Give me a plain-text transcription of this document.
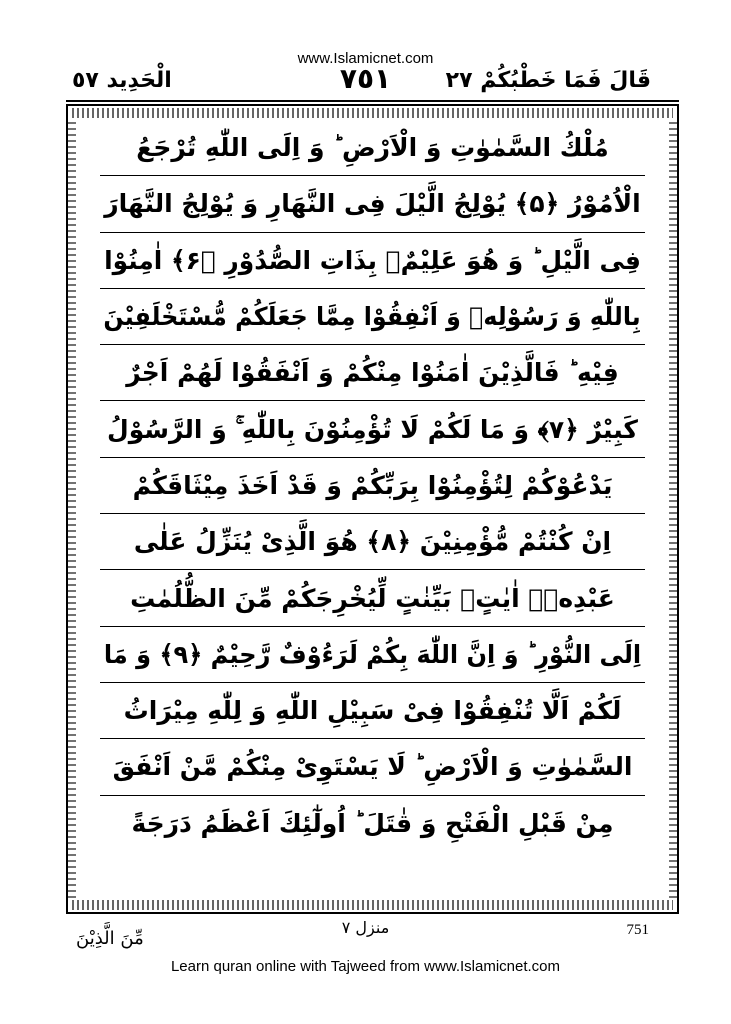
www.Islamicnet.com
قَالَ فَمَا خَطْبُكُمْ ٢٧
٧٥١
الْحَدِيد ٥٧
مُلْكُ السَّمٰوٰتِ وَ الْاَرْضِ ؕ وَ اِلَى اللّٰهِ تُرْجَعُ
الْاُمُوْرُ ﴿۵﴾ يُوْلِجُ الَّيْلَ فِى النَّهَارِ وَ يُوْلِجُ النَّهَارَ
فِى الَّيْلِ ؕ وَ هُوَ عَلِيْمٌۢ بِذَاتِ الصُّدُوْرِ ﴿۶﴾ اٰمِنُوْا
بِاللّٰهِ وَ رَسُوْلِهٖ وَ اَنْفِقُوْا مِمَّا جَعَلَكُمْ مُّسْتَخْلَفِيْنَ
فِيْهِ ؕ فَالَّذِيْنَ اٰمَنُوْا مِنْكُمْ وَ اَنْفَقُوْا لَهُمْ اَجْرٌ
كَبِيْرٌ ﴿۷﴾ وَ مَا لَكُمْ لَا تُؤْمِنُوْنَ بِاللّٰهِ ۚ وَ الرَّسُوْلُ
يَدْعُوْكُمْ لِتُؤْمِنُوْا بِرَبِّكُمْ وَ قَدْ اَخَذَ مِيْثَاقَكُمْ
اِنْ كُنْتُمْ مُّؤْمِنِيْنَ ﴿۸﴾ هُوَ الَّذِىْ يُنَزِّلُ عَلٰى
عَبْدِهٖۤ اٰيٰتٍۭ بَيِّنٰتٍ لِّيُخْرِجَكُمْ مِّنَ الظُّلُمٰتِ
اِلَى النُّوْرِ ؕ وَ اِنَّ اللّٰهَ بِكُمْ لَرَءُوْفٌ رَّحِيْمٌ ﴿۹﴾ وَ مَا
لَكُمْ اَلَّا تُنْفِقُوْا فِىْ سَبِيْلِ اللّٰهِ وَ لِلّٰهِ مِيْرَاثُ
السَّمٰوٰتِ وَ الْاَرْضِ ؕ لَا يَسْتَوِىْ مِنْكُمْ مَّنْ اَنْفَقَ
مِنْ قَبْلِ الْفَتْحِ وَ قٰتَلَ ؕ اُولٰٓئِكَ اَعْظَمُ دَرَجَةً
751
منزل ٧
مِّنَ الَّذِيْنَ
Learn quran online with Tajweed from www.Islamicnet.com
